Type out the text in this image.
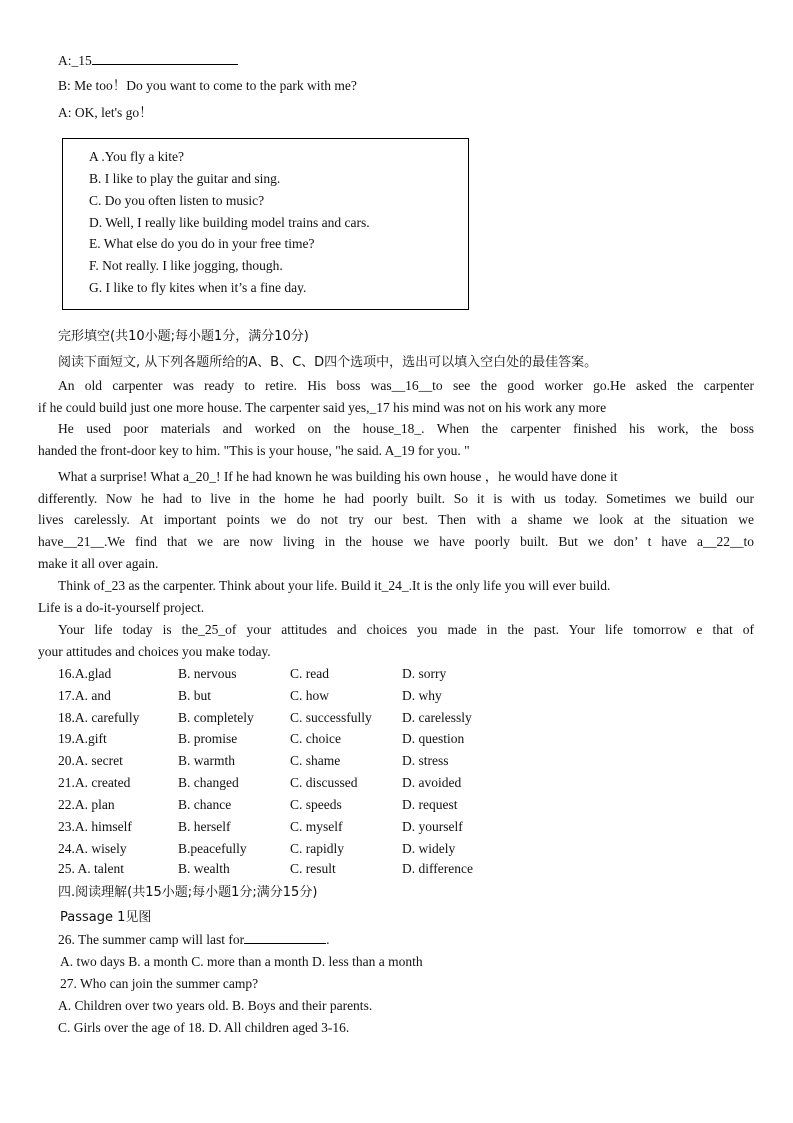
A:_15
B: Me too！Do you want to come to the park with me?
A: OK, let's go！
A .You fly a kite?
B. I like to play the guitar and sing.
C. Do you often listen to music?
D. Well, I really like building model trains and cars.
E. What else do you do in your free time?
F. Not really. I like jogging, though.
G. I like to fly kites when it’s a fine day.
完形填空(共10小题;每小题1分，满分10分)
阅读下面短文, 从下列各题所给的A、B、C、D四个选项中，选出可以填入空白处的最佳答案。
An old carpenter was ready to retire. His boss was__16__to see the good worker go.He asked the carpenter
if he could build just one more house. The carpenter said yes,_17 his mind was not on his work any more
He used poor materials and worked on the house_18_. When the carpenter finished his work, the boss
handed the front-door key to him. "This is your house, "he said. A_19 for you. "
What a surprise! What a_20_! If he had known he was building his own house ，he would have done it
differently. Now he had to live in the home he had poorly built. So it is with us today. Sometimes we build our
lives carelessly. At important points we do not try our best. Then with a shame we look at the situation we
have__21__.We find that we are now living in the house we have poorly built. But we don’ t have a__22__to
make it all over again.
Think of_23 as the carpenter. Think about your life. Build it_24_.It is the only life you will ever build.
Life is a do-it-yourself project.
Your life today is the_25_of your attitudes and choices you made in the past. Your life tomorrow e that of
your attitudes and choices you make today.
16.A.glad	B. nervous	C. read	D. sorry
17.A. and	B. but	C. how	D. why
18.A. carefully	B. completely	C. successfully D. carelessly
19.A.gift	B. promise	C. choice	D. question
20.A. secret	B. warmth	C. shame	D. stress
21.A. created	B. changed	C. discussed	D. avoided
22.A. plan	B. chance	C. speeds	D. request
23.A. himself	B. herself	C. myself	D. yourself
24.A. wisely	B.peacefully	C. rapidly	D. widely
25. A. talent	B. wealth	C. result	D. difference
四.阅读理解(共15小题;每小题1分;满分15分)
Passage 1见图
26. The summer camp will last for	.
A. two days B. a month C. more than a month D. less than a month
27. Who can join the summer camp?
A. Children over two years old. B. Boys and their parents.
C. Girls over the age of 18. D. All children aged 3-16.
